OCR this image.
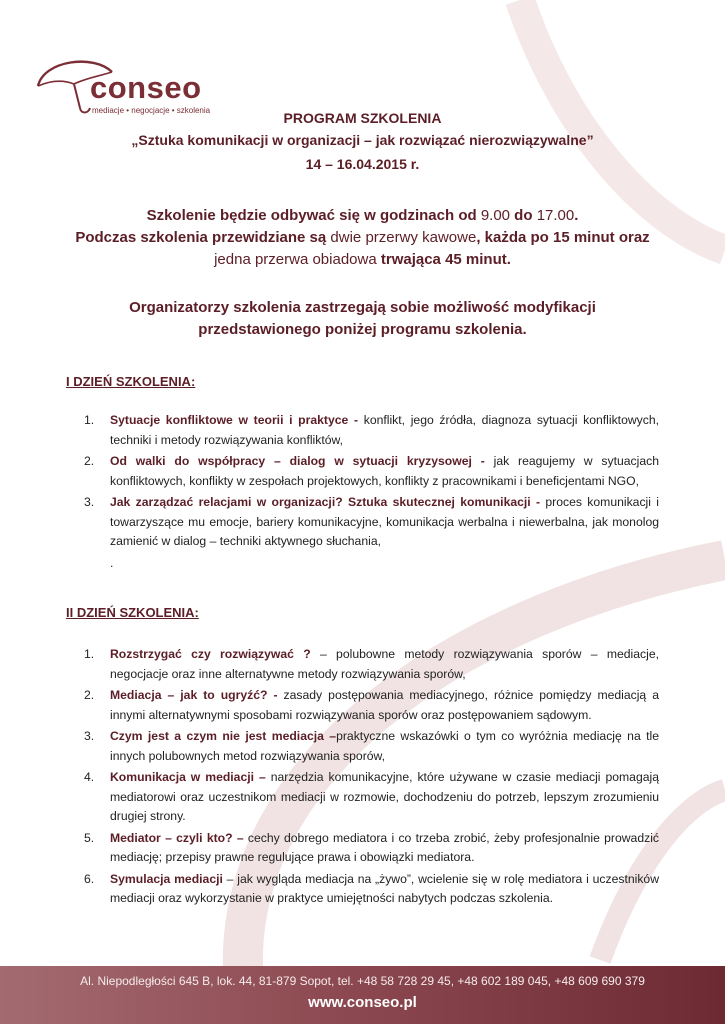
conseo
mediacje • negocjacje • szkolenia	PROGRAM SZKOLENIA
„Sztuka komunikacji w organizacji – jak rozwiązać nierozwiązywalne”
14 – 16.04.2015 r.
Szkolenie będzie odbywać się w godzinach od 9.00 do 17.00.
Podczas szkolenia przewidziane są dwie przerwy kawowe, każda po 15 minut oraz
jedna przerwa obiadowa trwająca 45 minut.
Organizatorzy szkolenia zastrzegają sobie możliwość modyfikacji
przedstawionego poniżej programu szkolenia.
I DZIEŃ SZKOLENIA:
1. Sytuacje konfliktowe w teorii i praktyce - konflikt, jego źródła, diagnoza sytuacji konfliktowych, techniki i metody rozwiązywania konfliktów,
2. Od walki do współpracy – dialog w sytuacji kryzysowej - jak reagujemy w sytuacjach konfliktowych, konflikty w zespołach projektowych, konflikty z pracownikami i beneficjentami NGO,
3. Jak zarządzać relacjami w organizacji? Sztuka skutecznej komunikacji - proces komunikacji i towarzyszące mu emocje, bariery komunikacyjne, komunikacja werbalna i niewerbalna, jak monolog zamienić w dialog – techniki aktywnego słuchania,
.
II DZIEŃ SZKOLENIA:
1. Rozstrzygać czy rozwiązywać ? – polubowne metody rozwiązywania sporów – mediacje, negocjacje oraz inne alternatywne metody rozwiązywania sporów,
2. Mediacja – jak to ugryźć? - zasady postępowania mediacyjnego, różnice pomiędzy mediacją a innymi alternatywnymi sposobami rozwiązywania sporów oraz postępowaniem sądowym.
3. Czym jest a czym nie jest mediacja –praktyczne wskazówki o tym co wyróżnia mediację na tle innych polubownych metod rozwiązywania sporów,
4. Komunikacja w mediacji – narzędzia komunikacyjne, które używane w czasie mediacji pomagają mediatorowi oraz uczestnikom mediacji w rozmowie, dochodzeniu do potrzeb, lepszym zrozumieniu drugiej strony.
5. Mediator – czyli kto? – cechy dobrego mediatora i co trzeba zrobić, żeby profesjonalnie prowadzić mediację; przepisy prawne regulujące prawa i obowiązki mediatora.
6. Symulacja mediacji – jak wygląda mediacja na „żywo”, wcielenie się w rolę mediatora i uczestników mediacji oraz wykorzystanie w praktyce umiejętności nabytych podczas szkolenia.
Al. Niepodległości 645 B, lok. 44, 81-879 Sopot, tel. +48 58 728 29 45, +48 602 189 045, +48 609 690 379
www.conseo.pl
